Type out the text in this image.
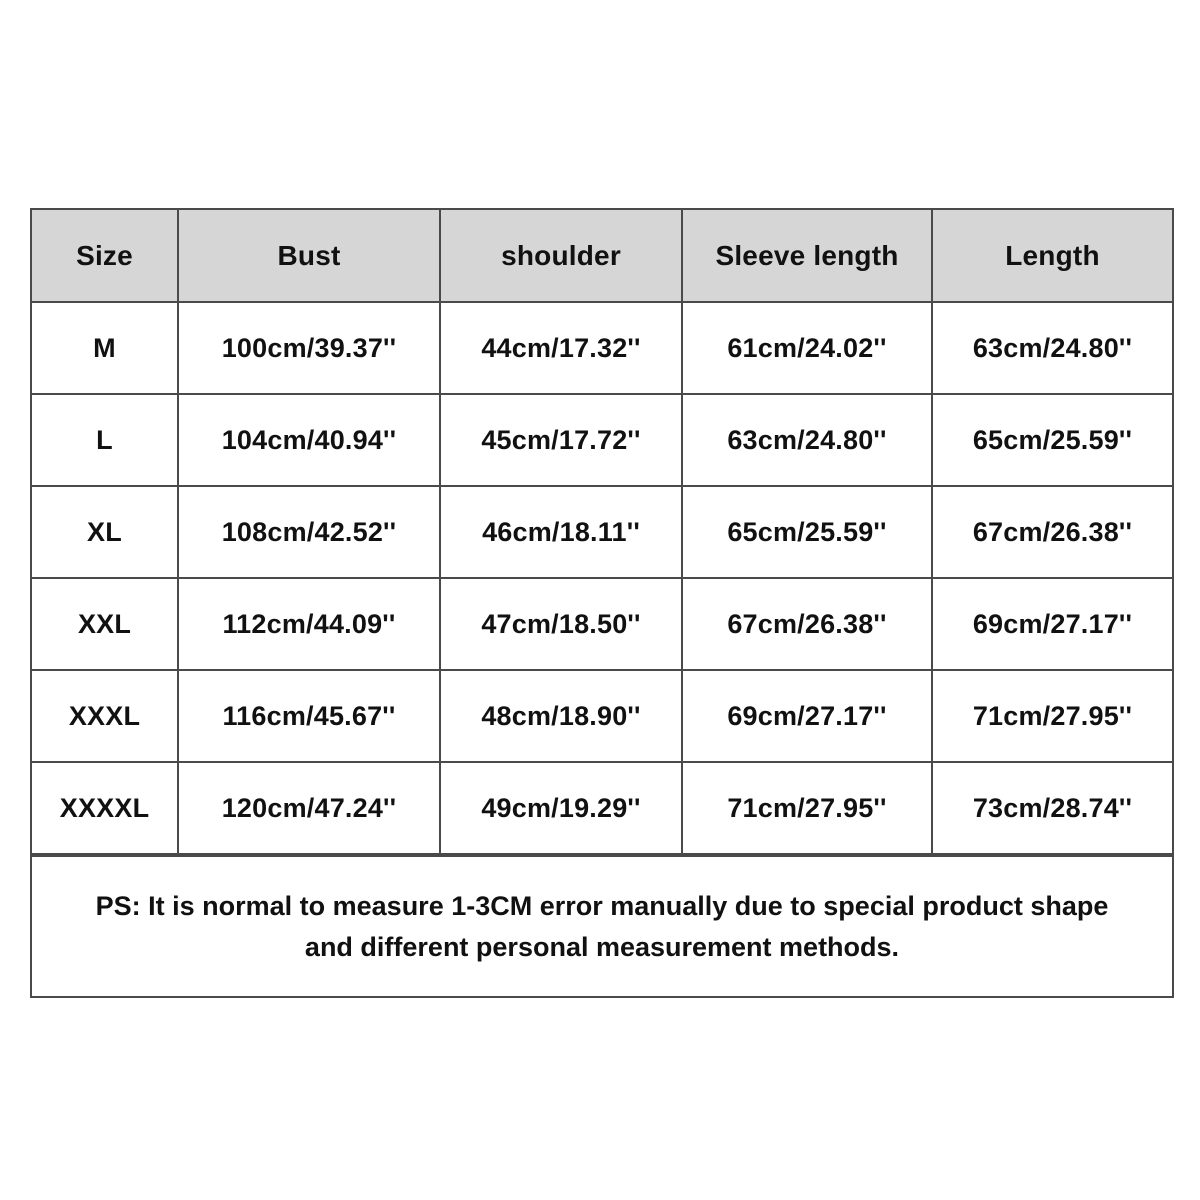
Size	Bust	shoulder	Sleeve length	Length
M	100cm/39.37''	44cm/17.32''	61cm/24.02''	63cm/24.80''
L	104cm/40.94''	45cm/17.72''	63cm/24.80''	65cm/25.59''
XL	108cm/42.52''	46cm/18.11''	65cm/25.59''	67cm/26.38''
XXL	112cm/44.09''	47cm/18.50''	67cm/26.38''	69cm/27.17''
XXXL	116cm/45.67''	48cm/18.90''	69cm/27.17''	71cm/27.95''
XXXXL	120cm/47.24''	49cm/19.29''	71cm/27.95''	73cm/28.74''
PS: It is normal to measure 1-3CM error manually due to special product shape
and different personal measurement methods.
